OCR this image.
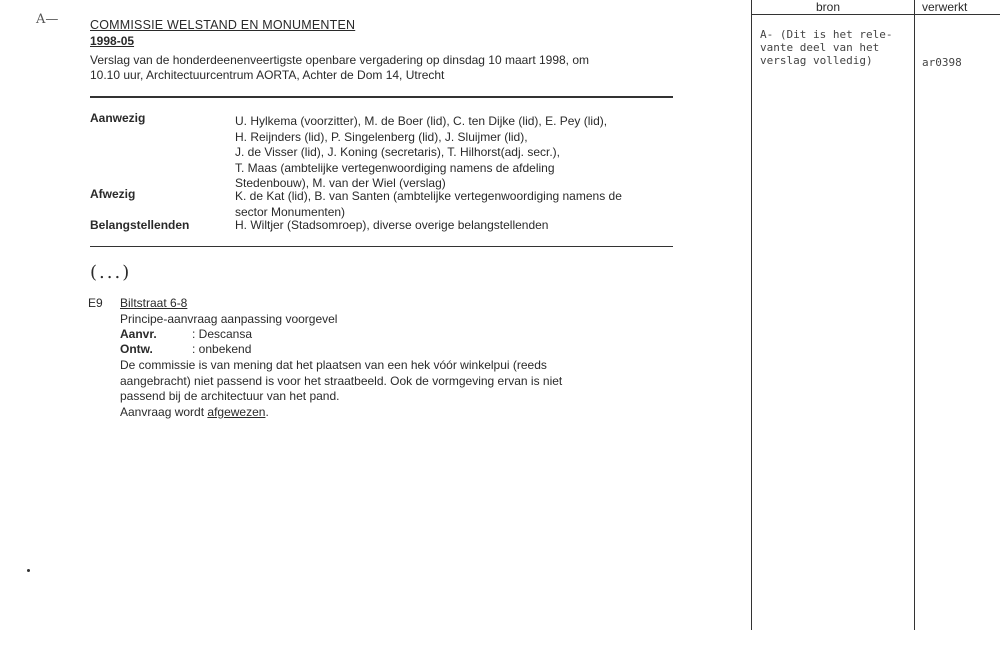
A—	COMMISSIE WELSTAND EN MONUMENTEN
1998-05
Verslag van de honderdeenenveertigste openbare vergadering op dinsdag 10 maart 1998, om
10.10 uur, Architectuurcentrum AORTA, Achter de Dom 14, Utrecht
Aanwezig	U. Hylkema (voorzitter), M. de Boer (lid), C. ten Dijke (lid), E. Pey (lid),
H. Reijnders (lid), P. Singelenberg (lid), J. Sluijmer (lid),
J. de Visser (lid), J. Koning (secretaris), T. Hilhorst(adj. secr.),
T. Maas (ambtelijke vertegenwoordiging namens de afdeling
Stedenbouw), M. van der Wiel (verslag)
Afwezig	K. de Kat (lid), B. van Santen (ambtelijke vertegenwoordiging namens de
sector Monumenten)
Belangstellenden	H. Wiltjer (Stadsomroep), diverse overige belangstellenden
(...)
E9 Biltstraat 6-8
Principe-aanvraag aanpassing voorgevel
Aanvr.	: Descansa
Ontw.	: onbekend
De commissie is van mening dat het plaatsen van een hek vóór winkelpui (reeds
aangebracht) niet passend is voor het straatbeeld. Ook de vormgeving ervan is niet
passend bij de architectuur van het pand.
Aanvraag wordt afgewezen.
bron	verwerkt
A- (Dit is het rele-
vante deel van het
verslag volledig)	ar0398
